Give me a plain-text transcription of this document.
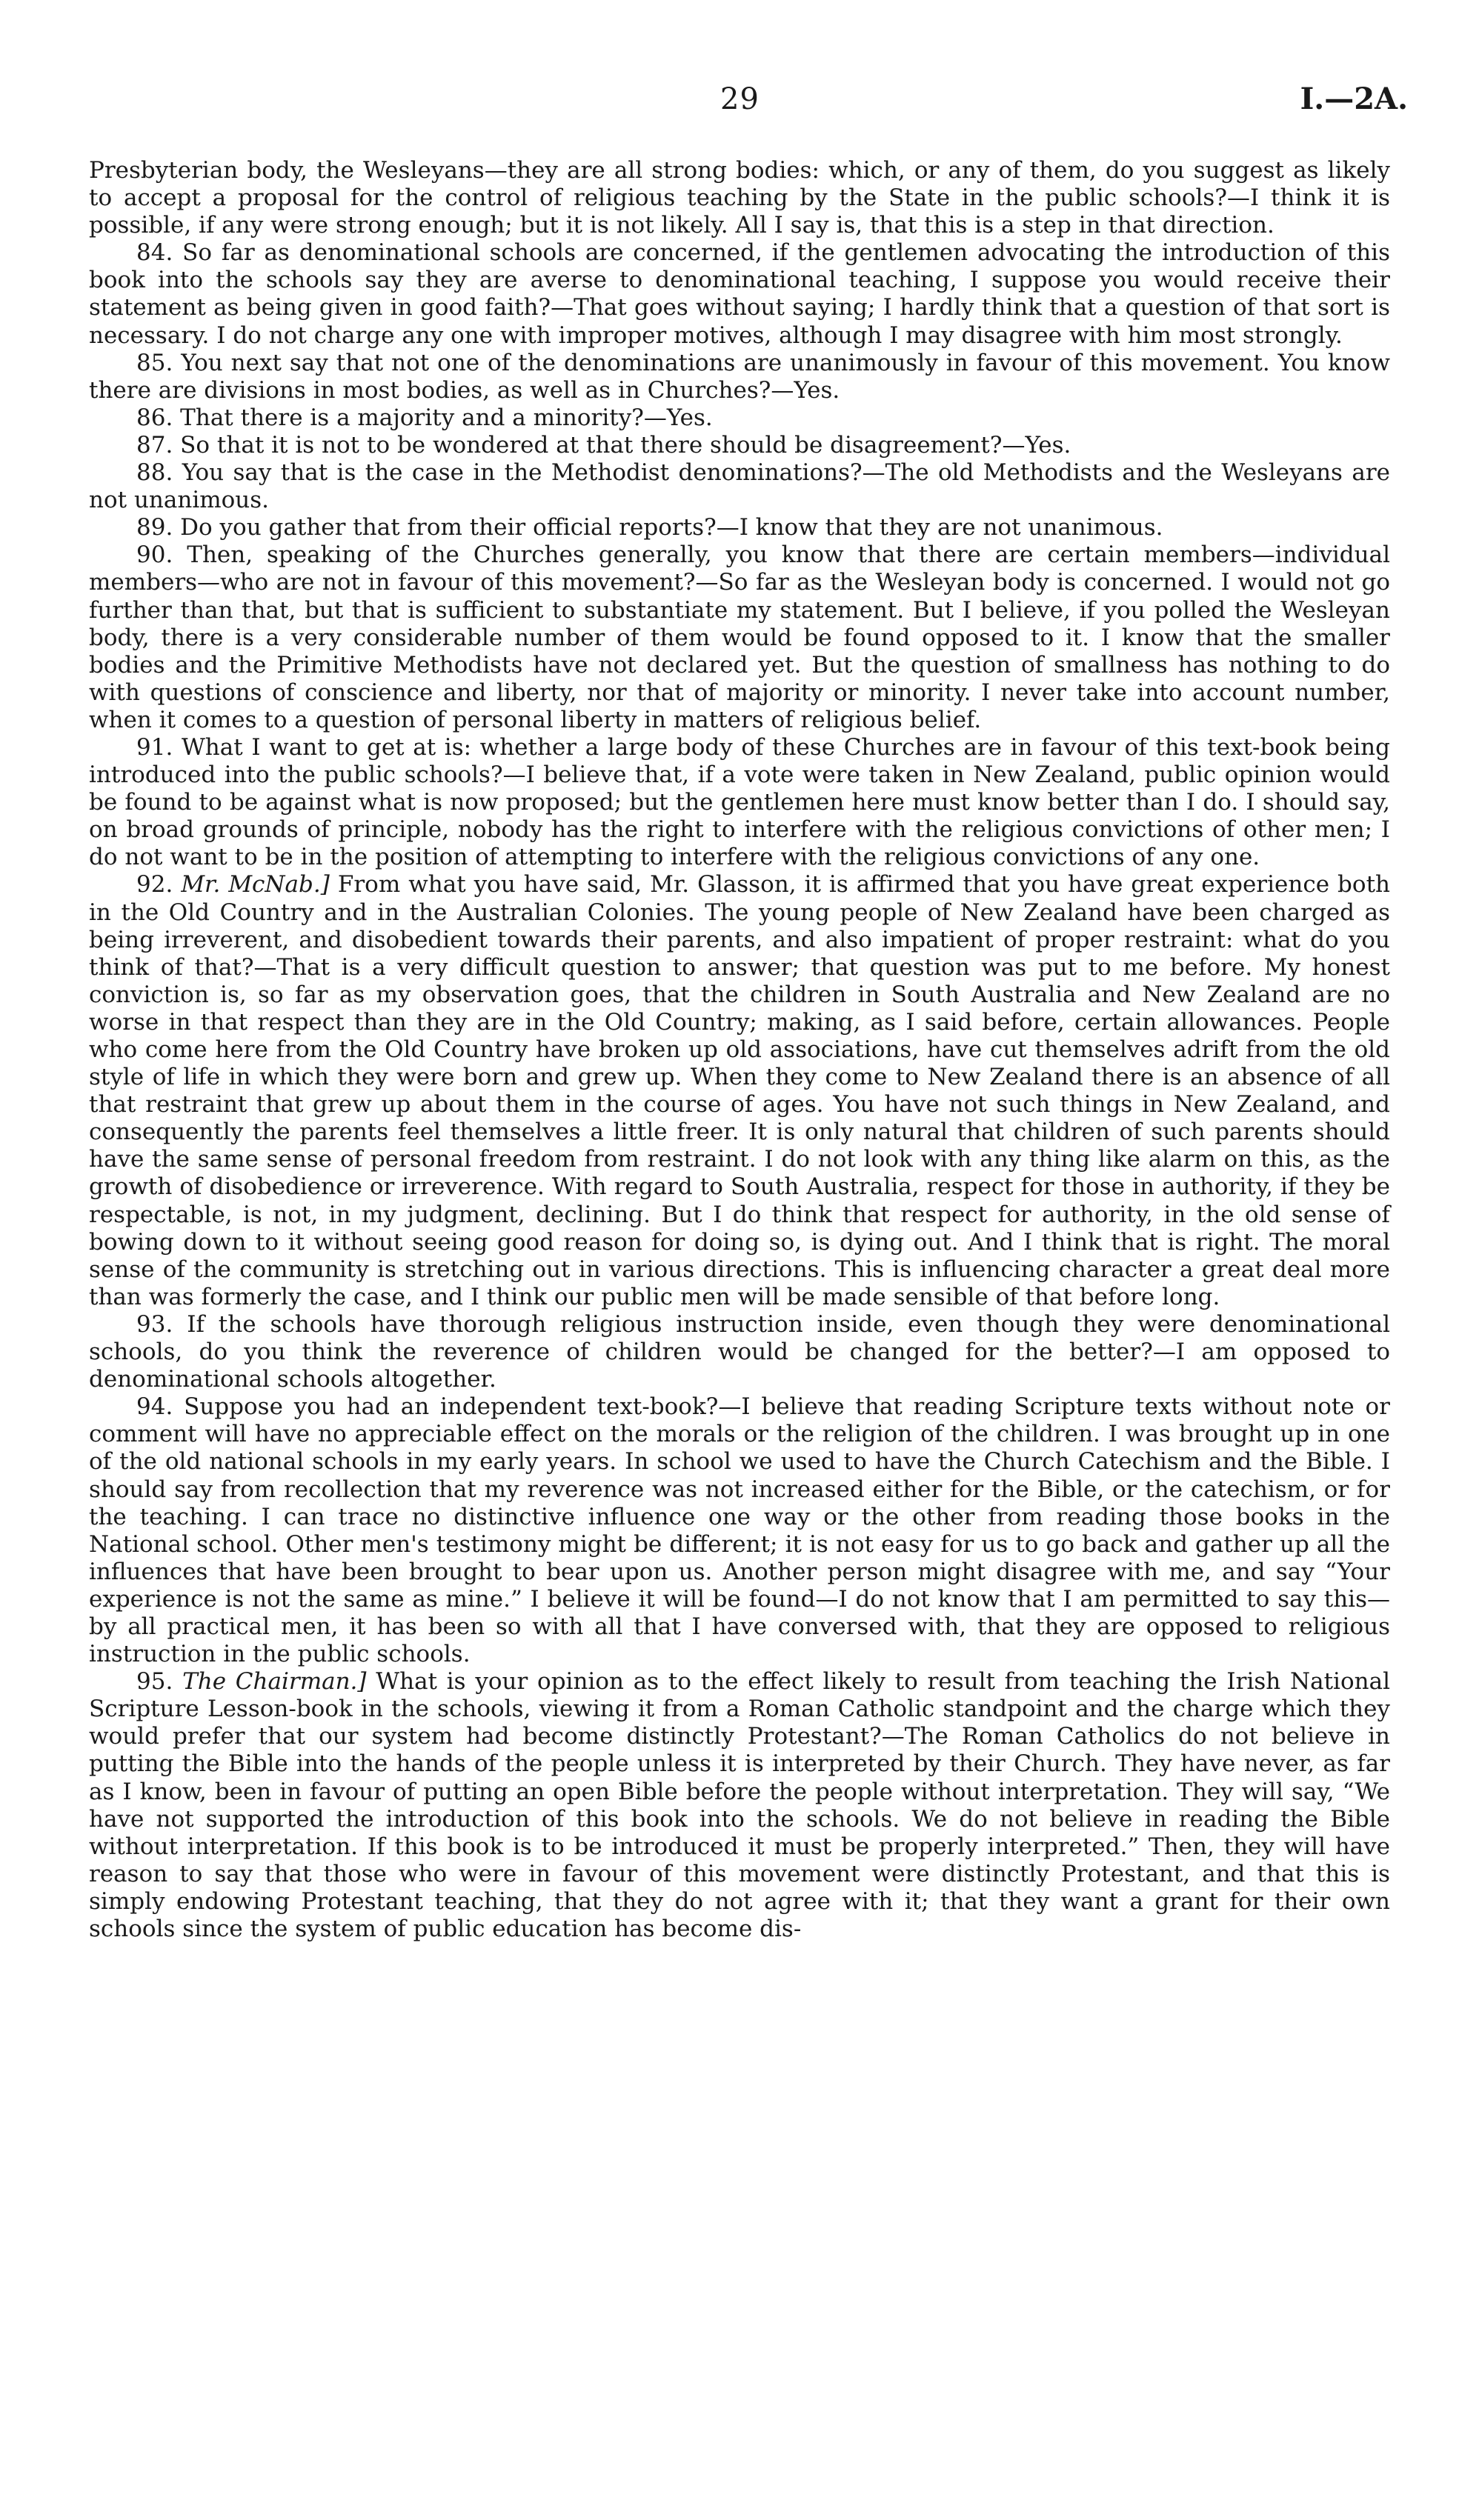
29	I.—2A.

Presbyterian body, the Wesleyans—they are all strong bodies: which, or any of them, do you suggest as likely to accept a proposal for the control of religious teaching by the State in the public schools?—I think it is possible, if any were strong enough; but it is not likely. All I say is, that this is a step in that direction.

84. So far as denominational schools are concerned, if the gentlemen advocating the introduction of this book into the schools say they are averse to denominational teaching, I suppose you would receive their statement as being given in good faith?—That goes without saying; I hardly think that a question of that sort is necessary. I do not charge any one with improper motives, although I may disagree with him most strongly.

85. You next say that not one of the denominations are unanimously in favour of this movement. You know there are divisions in most bodies, as well as in Churches?—Yes.

86. That there is a majority and a minority?—Yes.

87. So that it is not to be wondered at that there should be disagreement?—Yes.

88. You say that is the case in the Methodist denominations?—The old Methodists and the Wesleyans are not unanimous.

89. Do you gather that from their official reports?—I know that they are not unanimous.

90. Then, speaking of the Churches generally, you know that there are certain members—individual members—who are not in favour of this movement?—So far as the Wesleyan body is concerned. I would not go further than that, but that is sufficient to substantiate my statement. But I believe, if you polled the Wesleyan body, there is a very considerable number of them would be found opposed to it. I know that the smaller bodies and the Primitive Methodists have not declared yet. But the question of smallness has nothing to do with questions of conscience and liberty, nor that of majority or minority. I never take into account number, when it comes to a question of personal liberty in matters of religious belief.

91. What I want to get at is: whether a large body of these Churches are in favour of this text-book being introduced into the public schools?—I believe that, if a vote were taken in New Zealand, public opinion would be found to be against what is now proposed; but the gentlemen here must know better than I do. I should say, on broad grounds of principle, nobody has the right to interfere with the religious convictions of other men; I do not want to be in the position of attempting to interfere with the religious convictions of any one.

92. Mr. McNab.] From what you have said, Mr. Glasson, it is affirmed that you have great experience both in the Old Country and in the Australian Colonies. The young people of New Zealand have been charged as being irreverent, and disobedient towards their parents, and also impatient of proper restraint: what do you think of that?—That is a very difficult question to answer; that question was put to me before. My honest conviction is, so far as my observation goes, that the children in South Australia and New Zealand are no worse in that respect than they are in the Old Country; making, as I said before, certain allowances. People who come here from the Old Country have broken up old associations, have cut themselves adrift from the old style of life in which they were born and grew up. When they come to New Zealand there is an absence of all that restraint that grew up about them in the course of ages. You have not such things in New Zealand, and consequently the parents feel themselves a little freer. It is only natural that children of such parents should have the same sense of personal freedom from restraint. I do not look with any thing like alarm on this, as the growth of disobedience or irreverence. With regard to South Australia, respect for those in authority, if they be respectable, is not, in my judgment, declining. But I do think that respect for authority, in the old sense of bowing down to it without seeing good reason for doing so, is dying out. And I think that is right. The moral sense of the community is stretching out in various directions. This is influencing character a great deal more than was formerly the case, and I think our public men will be made sensible of that before long.

93. If the schools have thorough religious instruction inside, even though they were denominational schools, do you think the reverence of children would be changed for the better?—I am opposed to denominational schools altogether.

94. Suppose you had an independent text-book?—I believe that reading Scripture texts without note or comment will have no appreciable effect on the morals or the religion of the children. I was brought up in one of the old national schools in my early years. In school we used to have the Church Catechism and the Bible. I should say from recollection that my reverence was not increased either for the Bible, or the catechism, or for the teaching. I can trace no distinctive influence one way or the other from reading those books in the National school. Other men's testimony might be different; it is not easy for us to go back and gather up all the influences that have been brought to bear upon us. Another person might disagree with me, and say “Your experience is not the same as mine.” I believe it will be found—I do not know that I am permitted to say this—by all practical men, it has been so with all that I have conversed with, that they are opposed to religious instruction in the public schools.

95. The Chairman.] What is your opinion as to the effect likely to result from teaching the Irish National Scripture Lesson-book in the schools, viewing it from a Roman Catholic standpoint and the charge which they would prefer that our system had become distinctly Protestant?—The Roman Catholics do not believe in putting the Bible into the hands of the people unless it is interpreted by their Church. They have never, as far as I know, been in favour of putting an open Bible before the people without interpretation. They will say, “We have not supported the introduction of this book into the schools. We do not believe in reading the Bible without interpretation. If this book is to be introduced it must be properly interpreted.” Then, they will have reason to say that those who were in favour of this movement were distinctly Protestant, and that this is simply endowing Protestant teaching, that they do not agree with it; that they want a grant for their own schools since the system of public education has become dis-
